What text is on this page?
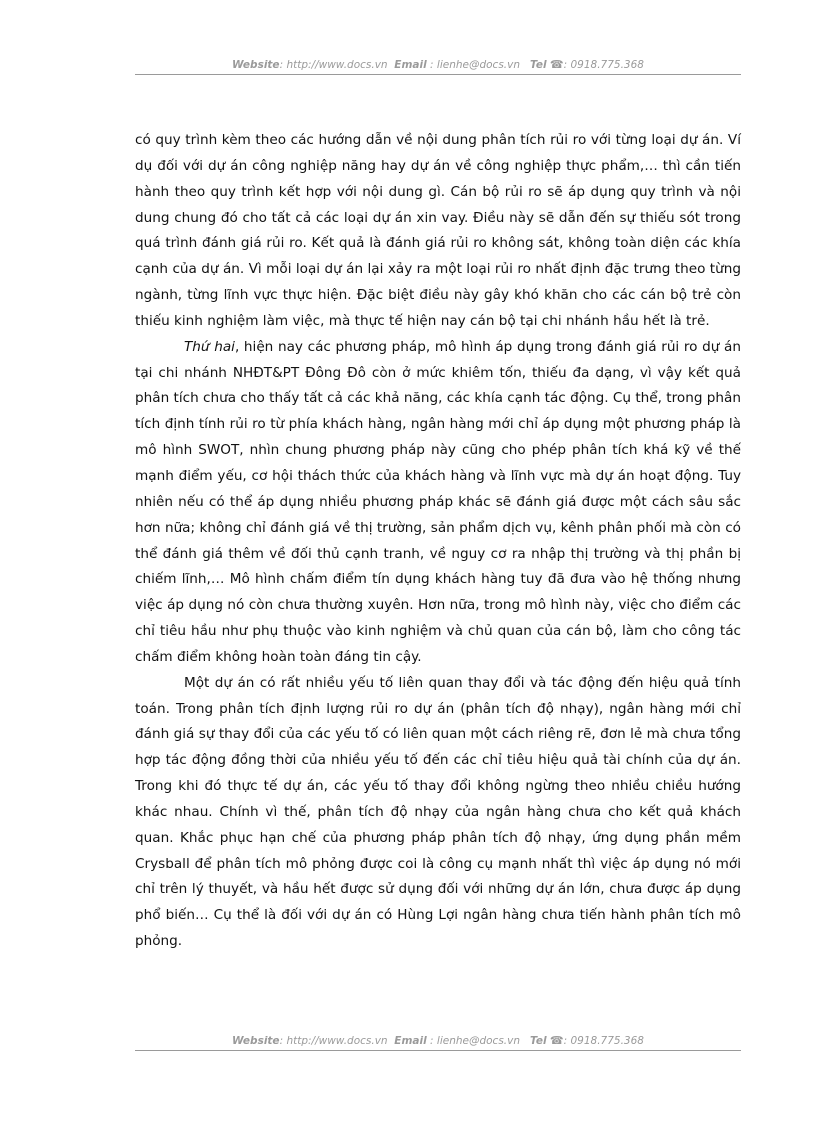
Website: http://www.docs.vn Email : lienhe@docs.vn Tel ☎: 0918.775.368

có quy trình kèm theo các hướng dẫn về nội dung phân tích rủi ro với từng loại dự án. Ví dụ đối với dự án công nghiệp năng hay dự án về công nghiệp thực phẩm,… thì cần tiến hành theo quy trình kết hợp với nội dung gì. Cán bộ rủi ro sẽ áp dụng quy trình và nội dung chung đó cho tất cả các loại dự án xin vay. Điều này sẽ dẫn đến sự thiếu sót trong quá trình đánh giá rủi ro. Kết quả là đánh giá rủi ro không sát, không toàn diện các khía cạnh của dự án. Vì mỗi loại dự án lại xảy ra một loại rủi ro nhất định đặc trưng theo từng ngành, từng lĩnh vực thực hiện. Đặc biệt điều này gây khó khăn cho các cán bộ trẻ còn thiếu kinh nghiệm làm việc, mà thực tế hiện nay cán bộ tại chi nhánh hầu hết là trẻ.

Thứ hai, hiện nay các phương pháp, mô hình áp dụng trong đánh giá rủi ro dự án tại chi nhánh NHĐT&PT Đông Đô còn ở mức khiêm tốn, thiếu đa dạng, vì vậy kết quả phân tích chưa cho thấy tất cả các khả năng, các khía cạnh tác động. Cụ thể, trong phân tích định tính rủi ro từ phía khách hàng, ngân hàng mới chỉ áp dụng một phương pháp là mô hình SWOT, nhìn chung phương pháp này cũng cho phép phân tích khá kỹ về thế mạnh điểm yếu, cơ hội thách thức của khách hàng và lĩnh vực mà dự án hoạt động. Tuy nhiên nếu có thể áp dụng nhiều phương pháp khác sẽ đánh giá được một cách sâu sắc hơn nữa; không chỉ đánh giá về thị trường, sản phẩm dịch vụ, kênh phân phối mà còn có thể đánh giá thêm về đối thủ cạnh tranh, về nguy cơ ra nhập thị trường và thị phần bị chiếm lĩnh,… Mô hình chấm điểm tín dụng khách hàng tuy đã đưa vào hệ thống nhưng việc áp dụng nó còn chưa thường xuyên. Hơn nữa, trong mô hình này, việc cho điểm các chỉ tiêu hầu như phụ thuộc vào kinh nghiệm và chủ quan của cán bộ, làm cho công tác chấm điểm không hoàn toàn đáng tin cậy.

Một dự án có rất nhiều yếu tố liên quan thay đổi và tác động đến hiệu quả tính toán. Trong phân tích định lượng rủi ro dự án (phân tích độ nhạy), ngân hàng mới chỉ đánh giá sự thay đổi của các yếu tố có liên quan một cách riêng rẽ, đơn lẻ mà chưa tổng hợp tác động đồng thời của nhiều yếu tố đến các chỉ tiêu hiệu quả tài chính của dự án. Trong khi đó thực tế dự án, các yếu tố thay đổi không ngừng theo nhiều chiều hướng khác nhau. Chính vì thế, phân tích độ nhạy của ngân hàng chưa cho kết quả khách quan. Khắc phục hạn chế của phương pháp phân tích độ nhạy, ứng dụng phần mềm Crysball để phân tích mô phỏng được coi là công cụ mạnh nhất thì việc áp dụng nó mới chỉ trên lý thuyết, và hầu hết được sử dụng đối với những dự án lớn, chưa được áp dụng phổ biến… Cụ thể là đối với dự án có Hùng Lợi ngân hàng chưa tiến hành phân tích mô phỏng.

Website: http://www.docs.vn Email : lienhe@docs.vn Tel ☎: 0918.775.368
